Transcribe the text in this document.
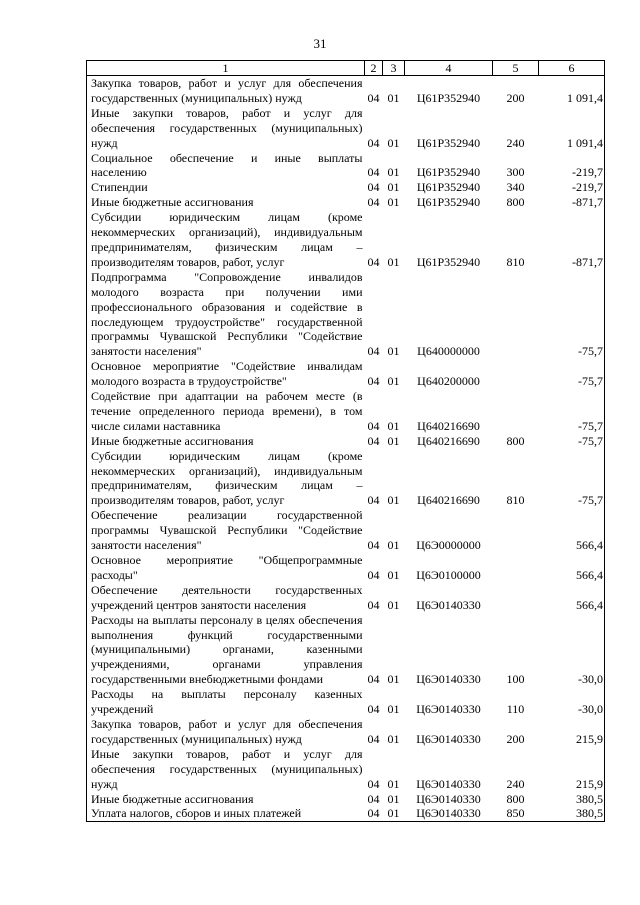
31
1	2	3	4	5	6
Закупка товаров, работ и услуг для обеспечения государственных (муниципальных) нужд	04	01	Ц61Р352940	200	1 091,4
Иные закупки товаров, работ и услуг для обеспечения государственных (муниципальных) нужд	04	01	Ц61Р352940	240	1 091,4
Социальное обеспечение и иные выплаты населению	04	01	Ц61Р352940	300	-219,7
Стипендии	04	01	Ц61Р352940	340	-219,7
Иные бюджетные ассигнования	04	01	Ц61Р352940	800	-871,7
Субсидии юридическим лицам (кроме некоммерческих организаций), индивидуальным предпринимателям, физическим лицам – производителям товаров, работ, услуг	04	01	Ц61Р352940	810	-871,7
Подпрограмма "Сопровождение инвалидов молодого возраста при получении ими профессионального образования и содействие в последующем трудоустройстве" государственной программы Чувашской Республики "Содействие занятости населения"	04	01	Ц640000000		-75,7
Основное мероприятие "Содействие инвалидам молодого возраста в трудоустройстве"	04	01	Ц640200000		-75,7
Содействие при адаптации на рабочем месте (в течение определенного периода времени), в том числе силами наставника	04	01	Ц640216690		-75,7
Иные бюджетные ассигнования	04	01	Ц640216690	800	-75,7
Субсидии юридическим лицам (кроме некоммерческих организаций), индивидуальным предпринимателям, физическим лицам – производителям товаров, работ, услуг	04	01	Ц640216690	810	-75,7
Обеспечение реализации государственной программы Чувашской Республики "Содействие занятости населения"	04	01	Ц6Э0000000		566,4
Основное мероприятие "Общепрограммные расходы"	04	01	Ц6Э0100000		566,4
Обеспечение деятельности государственных учреждений центров занятости населения	04	01	Ц6Э0140330		566,4
Расходы на выплаты персоналу в целях обеспечения выполнения функций государственными (муниципальными) органами, казенными учреждениями, органами управления государственными внебюджетными фондами	04	01	Ц6Э0140330	100	-30,0
Расходы на выплаты персоналу казенных учреждений	04	01	Ц6Э0140330	110	-30,0
Закупка товаров, работ и услуг для обеспечения государственных (муниципальных) нужд	04	01	Ц6Э0140330	200	215,9
Иные закупки товаров, работ и услуг для обеспечения государственных (муниципальных) нужд	04	01	Ц6Э0140330	240	215,9
Иные бюджетные ассигнования	04	01	Ц6Э0140330	800	380,5
Уплата налогов, сборов и иных платежей	04	01	Ц6Э0140330	850	380,5
